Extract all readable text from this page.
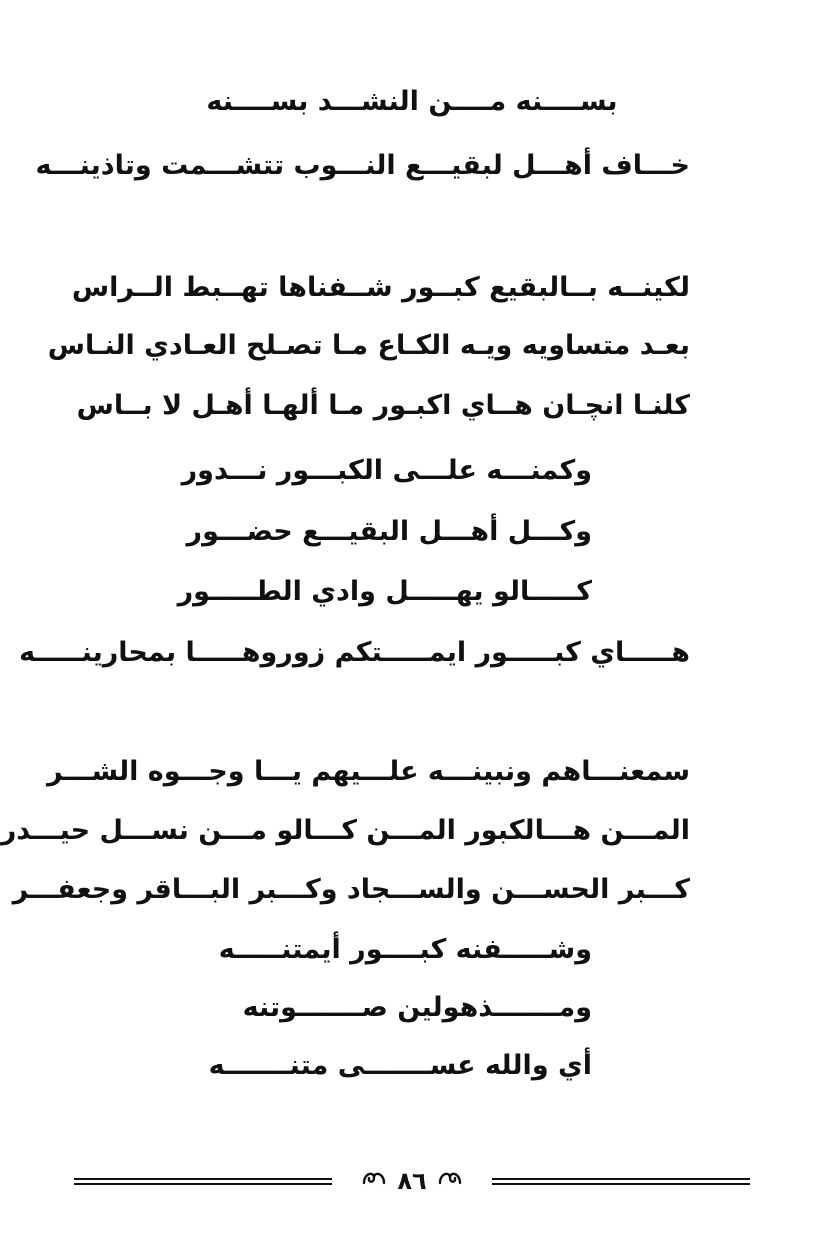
بســــنه مــــن النشـــد بســــنه
خـــاف أهـــل لبقيـــع النـــوب تتشـــمت وتاذينـــه
لكينــه بــالبقيع كبــور شــفناها تهــبط الــراس
بعـد متساويه ويـه الكـاع مـا تصـلح العـادي النـاس
كلنـا انچـان هــاي اكبـور مـا ألهـا أهـل لا بــاس
وكمنـــه علـــى الكبـــور نـــدور
وكـــل أهـــل البقيـــع حضـــور
كـــــالو يهـــــل وادي الطـــــور
هـــــاي كبـــــور ايمـــــتكم زوروهـــــا بمحارينـــــه
سمعنـــاهم ونبينـــه علـــيهم يـــا وجـــوه الشـــر
المـــن هـــالكبور المـــن كـــالو مـــن نســـل حيـــدر
كـــبر الحســـن والســـجاد وكـــبر البـــاقر وجعفـــر
وشـــــفنه كبــــور أيمتنـــــه
ومـــــــذهولين صـــــــوتنه
أي والله عســـــــى متنـــــــه
٨٦
